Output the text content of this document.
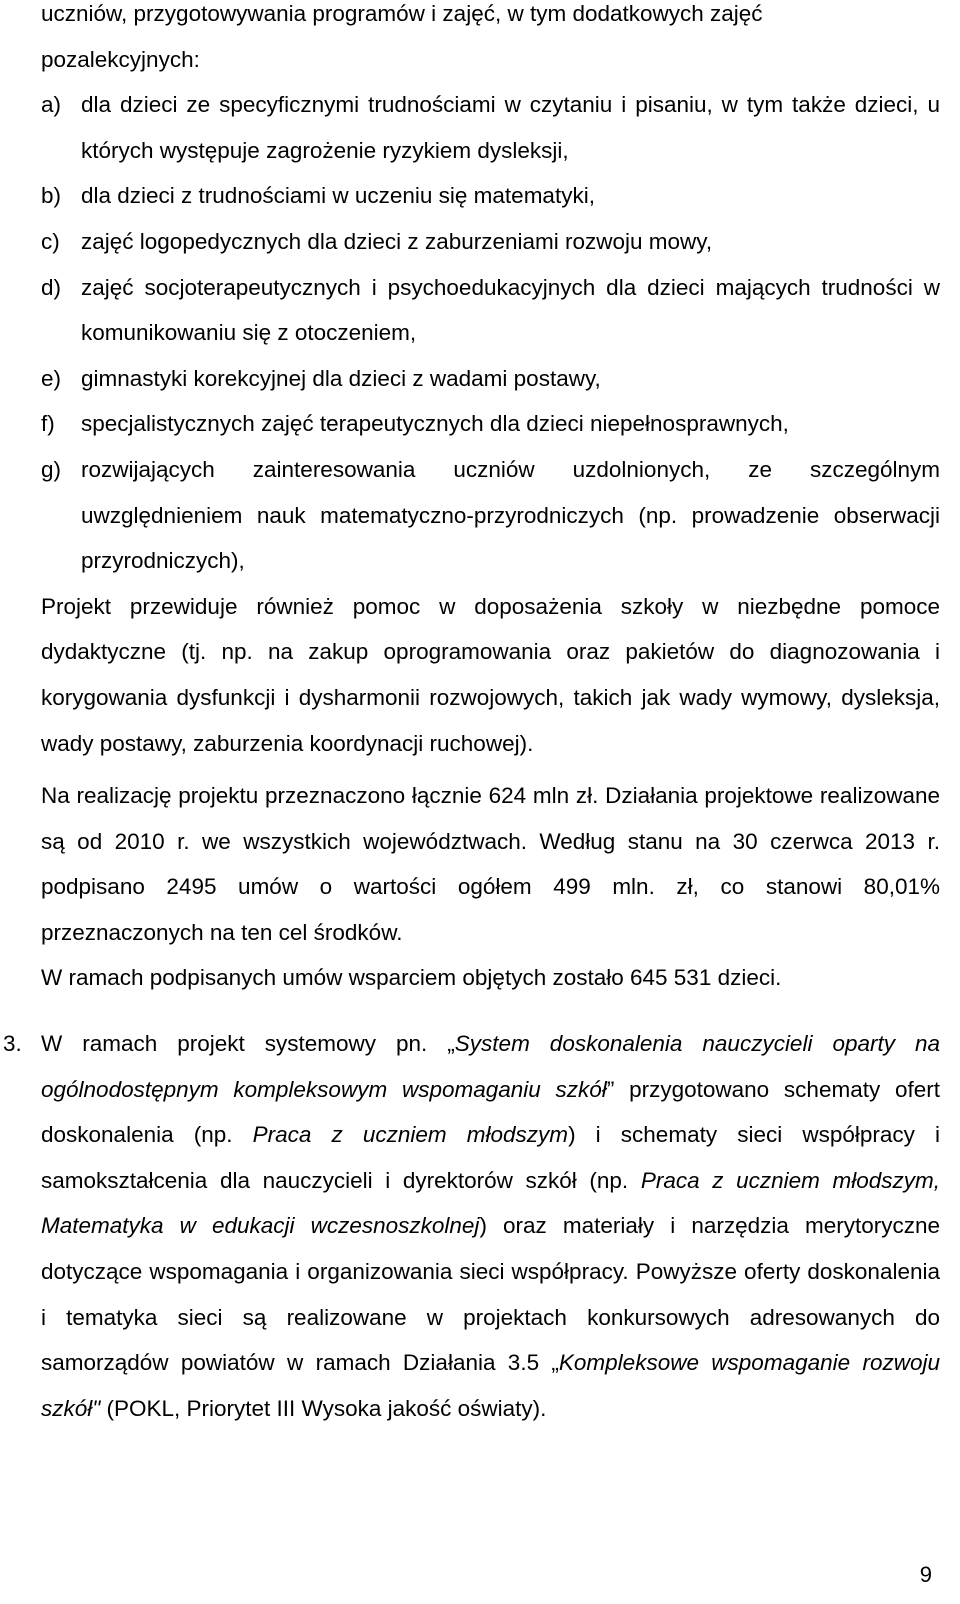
uczniów, przygotowywania programów i zajęć, w tym dodatkowych zajęć
pozalekcyjnych:
a) dla dzieci ze specyficznymi trudnościami w czytaniu i pisaniu, w tym także dzieci, u których występuje zagrożenie ryzykiem dysleksji,
b) dla dzieci z trudnościami w uczeniu się matematyki,
c) zajęć logopedycznych dla dzieci z zaburzeniami rozwoju mowy,
d) zajęć socjoterapeutycznych i psychoedukacyjnych dla dzieci mających trudności w komunikowaniu się z otoczeniem,
e) gimnastyki korekcyjnej dla dzieci z wadami postawy,
f)	specjalistycznych zajęć terapeutycznych dla dzieci niepełnosprawnych,
g) rozwijających zainteresowania uczniów uzdolnionych, ze szczególnym uwzględnieniem nauk matematyczno-przyrodniczych (np. prowadzenie obserwacji przyrodniczych),

Projekt przewiduje również pomoc w doposażenia szkoły w niezbędne pomoce dydaktyczne (tj. np. na zakup oprogramowania oraz pakietów do diagnozowania i korygowania dysfunkcji i dysharmonii rozwojowych, takich jak wady wymowy, dysleksja, wady postawy, zaburzenia koordynacji ruchowej).

Na realizację projektu przeznaczono łącznie 624 mln zł. Działania projektowe realizowane są od 2010 r. we wszystkich województwach. Według stanu na 30 czerwca 2013 r. podpisano 2495 umów o wartości ogółem 499 mln. zł, co stanowi 80,01% przeznaczonych na ten cel środków.

W ramach podpisanych umów wsparciem objętych zostało 645 531 dzieci.

3. W ramach projekt systemowy pn. „System doskonalenia nauczycieli oparty na ogólnodostępnym kompleksowym wspomaganiu szkół” przygotowano schematy ofert doskonalenia (np. Praca z uczniem młodszym) i schematy sieci współpracy i samokształcenia dla nauczycieli i dyrektorów szkół (np. Praca z uczniem młodszym, Matematyka w edukacji wczesnoszkolnej) oraz materiały i narzędzia merytoryczne dotyczące wspomagania i organizowania sieci współpracy. Powyższe oferty doskonalenia i tematyka sieci są realizowane w projektach konkursowych adresowanych do samorządów powiatów w ramach Działania 3.5 „Kompleksowe wspomaganie rozwoju szkół" (POKL, Priorytet III Wysoka jakość oświaty).

9
